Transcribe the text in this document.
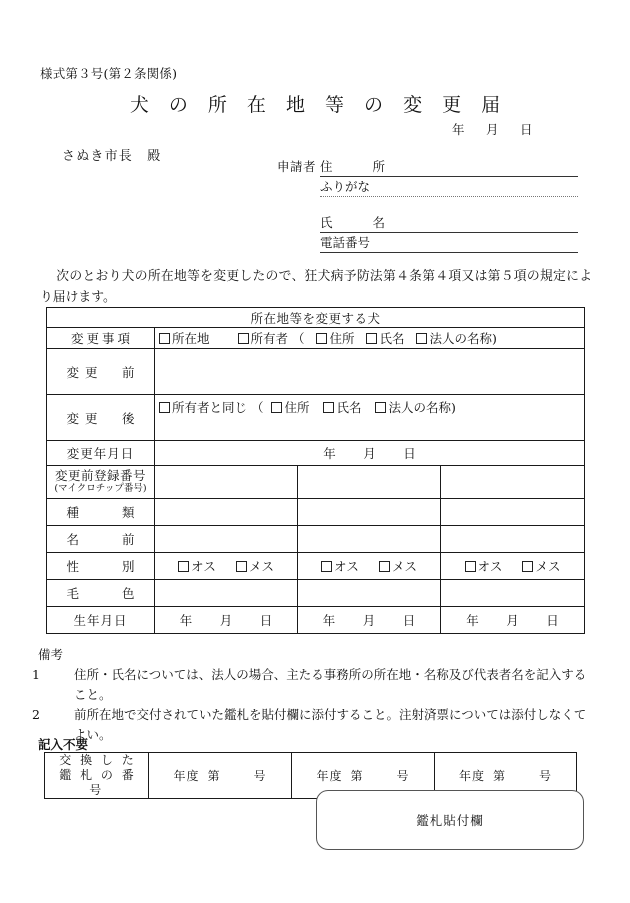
様式第３号(第２条関係)
犬 の 所 在 地 等 の 変 更 届
年 月 日
さぬき市長　殿
申請者 住　　所
ふりがな
氏　　名
電話番号
次のとおり犬の所在地等を変更したので、狂犬病予防法第４条第４項又は第５項の規定により届けます。
所在地等を変更する犬			
変更事項	所在地 所有者 （ 住所 氏名 法人の名称)		
変更　前			
変更　後	所有者と同じ （ 住所 氏名 法人の名称)		
変更年月日	年 月 日		
変更前登録番号
(マイクロチップ番号)			

種　　類			
名　　前			
性　　別	オス メス	オス メス	オス メス
毛　　色			
生年月日	年 月 日	年 月 日	年 月 日
備考
1	住所・氏名については、法人の場合、主たる事務所の所在地・名称及び代表者名を記入すること。
2	前所在地で交付されていた鑑札を貼付欄に添付すること。注射済票については添付しなくてよい。
記入不要
交 換 し た
鑑 札 の 番 号
	年度 第	号	年度 第	号	年度 第	号
鑑札貼付欄
